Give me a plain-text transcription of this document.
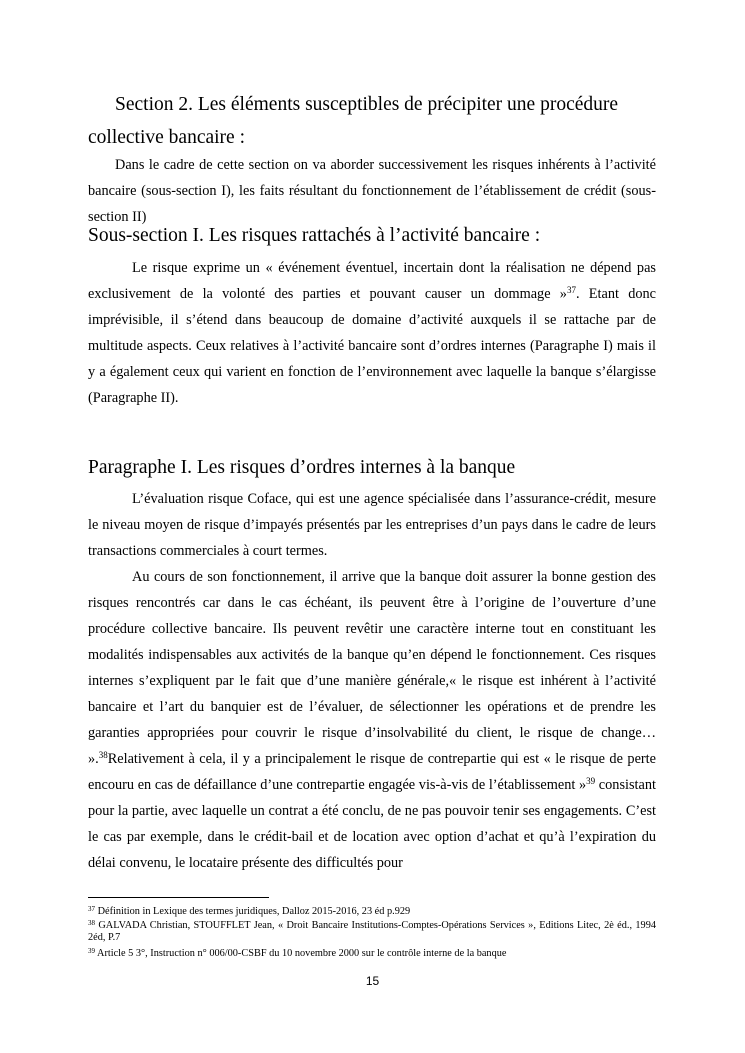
Section 2. Les éléments susceptibles de précipiter une procédure
collective bancaire :

Dans le cadre de cette section on va aborder successivement les risques inhérents à l’activité bancaire (sous-section I), les faits résultant du fonctionnement de l’établissement de crédit (sous-section II)

Sous-section I. Les risques rattachés à l’activité bancaire :

Le risque exprime un « événement éventuel, incertain dont la réalisation ne dépend pas exclusivement de la volonté des parties et pouvant causer un dommage »$^{37}$. Etant donc imprévisible, il s’étend dans beaucoup de domaine d’activité auxquels il se rattache par de multitude aspects. Ceux relatives à l’activité bancaire sont d’ordres internes (Paragraphe I) mais il y a également ceux qui varient en fonction de l’environnement avec laquelle la banque s’élargisse (Paragraphe II).

Paragraphe I. Les risques d’ordres internes à la banque

L’évaluation risque Coface, qui est une agence spécialisée dans l’assurance-crédit, mesure le niveau moyen de risque d’impayés présentés par les entreprises d’un pays dans le cadre de leurs transactions commerciales à court termes.

Au cours de son fonctionnement, il arrive que la banque doit assurer la bonne gestion des risques rencontrés car dans le cas échéant, ils peuvent être à l’origine de l’ouverture d’une procédure collective bancaire. Ils peuvent revêtir une caractère interne tout en constituant les modalités indispensables aux activités de la banque qu’en dépend le fonctionnement. Ces risques internes s’expliquent par le fait que d’une manière générale,« le risque est inhérent à l’activité bancaire et l’art du banquier est de l’évaluer, de sélectionner les opérations et de prendre les garanties appropriées pour couvrir le risque d’insolvabilité du client, le risque de change… ».$^{38}$Relativement à cela, il y a principalement le risque de contrepartie qui est « le risque de perte encouru en cas de défaillance d’une contrepartie engagée vis-à-vis de l’établissement »$^{39}$ consistant pour la partie, avec laquelle un contrat a été conclu, de ne pas pouvoir tenir ses engagements. C’est le cas par exemple, dans le crédit-bail et de location avec option d’achat et qu’à l’expiration du délai convenu, le locataire présente des difficultés pour

$^{37}$ Définition in Lexique des termes juridiques, Dalloz 2015-2016, 23 éd p.929

$^{38}$ GALVADA Christian, STOUFFLET Jean, « Droit Bancaire Institutions-Comptes-Opérations Services », Editions Litec, 2è éd., 1994 2éd, P.7

$^{39}$ Article 5 3°, Instruction n° 006/00-CSBF du 10 novembre 2000 sur le contrôle interne de la banque

15
